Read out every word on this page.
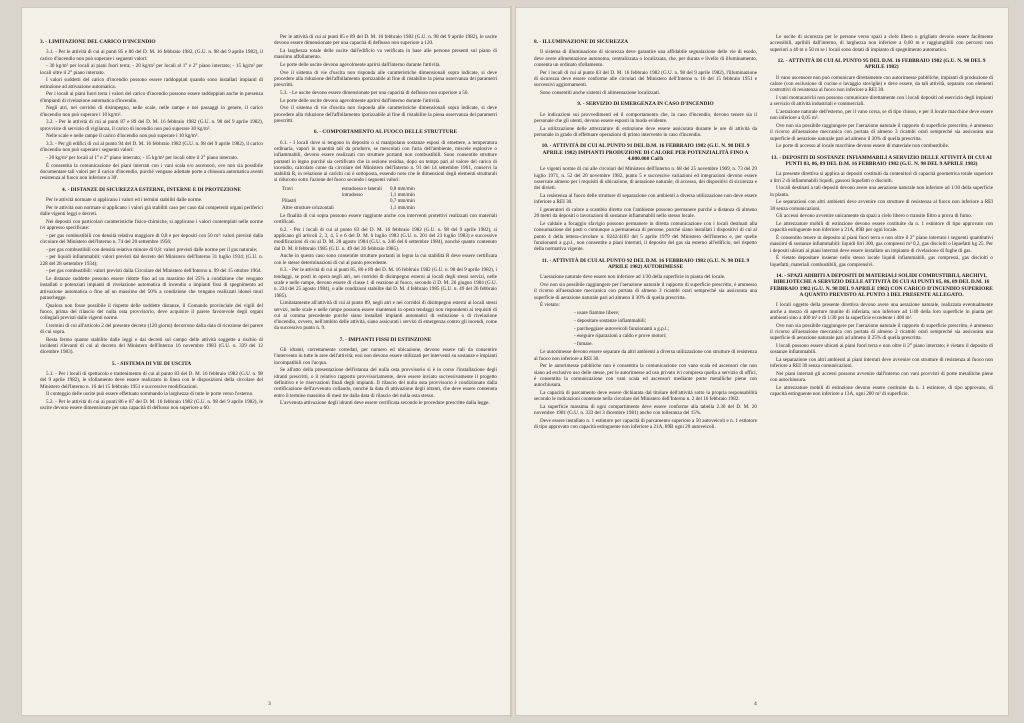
3. - LIMITAZIONE DEL CARICO D'INCENDIO

3.1. - Per le attività di cui ai punti 85 e 86 del D. M. 16 febbraio 1982, (G.U. n. 98 del 9 aprile 1982), il carico d'incendio non può superare i seguenti valori:

- 30 kg/m² per locali ai piani fuori terra; - 20 kg/m² per locali al 1° e 2° piano interrato; - 15 kg/m² per locali oltre il 2° piano interrato.

I valori suddetti del carico d'incendio possono essere raddoppiati quando sono installati impianti di estinzione ad attivazione automatica.

Per i locali ai piani fuori terra i valori del carico d'incendio possono essere raddoppiati anche in presenza d'impianti di rivelazione automatica d'incendio.

Negli atri, nei corridoi di disimpegno, nelle scale, nelle rampe e nei passaggi in genere, il carico d'incendio non può superare i 10 kg/m².

3.2. - Per le attività di cui ai punti 87 e 89 del D. M. 16 febbraio 1982 (G.U. n. 98 del 9 aprile 1982), sprovviste di servizio di vigilanza, il carico di incendio non può superare 30 kg/m².

Nelle scale e nelle rampe il carico d'incendio non può superare i 10 kg/m².

3.3. - Per gli edifici di cui al punto 94 del D. M. 16 febbraio 1982 (G.U. n. 98 del 9 aprile 1982), il carico d'incendio non può superare i seguenti valori:

- 20 kg/m² per locali al 1° e 2° piano interrato; - 15 kg/m² per locali oltre il 2° piano interrato.

È consentita la comunicazione dei piani interrati con i vani scala e/o ascensori, ove non sia possibile documentare tali valori per il carico d'incendio, purché vengano adottate porte a chiusura automatica aventi resistenza al fuoco non inferiore a 30'.

4. - DISTANZE DI SICUREZZA ESTERNE, INTERNE E DI PROTEZIONE

Per le attività normate si applicano i valori ed i termini stabiliti dalle norme.

Per le attività non normate si applicano i valori già stabiliti caso per caso dai competenti organi periferici dalle vigenti leggi e decreti.

Nei depositi con particolari caratteristiche fisico-chimiche, si applicano i valori contemplati nelle norme ivi appresso specificate:

- per gas combustibili con densità relativa maggiore di 0,8 e per depositi con 50 m³: valori previsti dalla circolare del Ministero dell'Interno n. 74 del 20 settembre 1956;

- per gas combustibili con densità relativa minore di 0,8: valori previsti dalle norme per il gas naturale;

- per liquidi infiammabili: valori previsti dal decreto del Ministero dell'Interno 31 luglio 1934; (G.U. n. 228 del 28 settembre 1934);

- per gas combustibili: valori previsti dalla Circolare del Ministero dell'Interno n. 99 del 15 ottobre 1964.

Le distanze suddette possono essere ridotte fino ad un massimo del 25% a condizione che vengano installati o potenziati impianti di rivelazione automatica di incendio o impianti fissi di spegnimento ad attivazione automatica o fino ad un massimo del 50% a condizione che vengano realizzati idonei muri paraschegge.

Qualora non fosse possibile il rispetto delle suddette distanze, il Comando provinciale dei vigili del fuoco, prima del rilascio del nulla osta provvisorio, deve acquisire il parere favorevole degli organi collegiali previsti dalle vigenti norme.

I termini di cui all'articolo 2 del presente decreto (120 giorni) decorrono dalla data di ricezione del parere di cui sopra.

Resta fermo quanto stabilito dalle leggi e dai decreti sul campo delle attività soggette a rischio di incidenti rilevanti di cui al decreto del Ministero dell'Interno 16 novembre 1983 (G.U. n. 339 del 12 dicembre 1983).

5. - SISTEMA DI VIE DI USCITA

5.1. - Per i locali di spettacolo e trattenimento di cui al punto 83 del D. M. 16 febbraio 1982 (G.U. n. 98 del 9 aprile 1982), le sfollamento deve essere realizzato in linea con le disposizioni della circolare del Ministero dell'Interno n. 16 del 15 febbraio 1951 e successive modificazioni.

Il conteggio delle uscite può essere effettuato sommando la larghezza di tutte le porte verso l'esterno.

5.2. - Per le attività di cui ai punti 86 e 87 del D. M. 16 febbraio 1982 (G.U. n. 98 del 9 aprile 1982), le uscite devono essere dimensionate per una capacità di deflusso non superiore a 60.

Per le attività di cui ai punti 85 e 89 del D. M. 16 febbraio 1982 (G.U. n. 98 del 9 aprile 1982), le uscite devono essere dimensionate per una capacità di deflusso non superiore a 120.

La larghezza totale delle uscite dall'edificio va verificata in base alle persone presenti sul piano di massimo affollamento.

Le porte delle uscite devono agevolmente aprirsi dall'interno durante l'attività.

Ove il sistema di vie d'uscita non risponda alle caratteristiche dimensionali sopra indicate, si deve procedere alla riduzione dell'affollamento ipotizzabile al fine di ristabilire la piena osservanza dei parametri prescritti.

5.3. - Le uscite devono essere dimensionate per una capacità di deflusso non superiore a 50.

Le porte delle uscite devono agevolmente aprirsi dall'interno durante l'attività.

Ove il sistema di vie d'uscita non risponda alle caratteristiche dimensionali sopra indicate, si deve procedere alla riduzione dell'affollamento ipotizzabile al fine di ristabilire la piena osservanza dei parametri prescritti.

6. - COMPORTAMENTO AL FUOCO DELLE STRUTTURE

6.1. - I locali dove si tengono in deposito o si manipolano sostanze esposi di emettere, a temperatura ordinaria, vapori in quantità tali da produrre, se mescolati con l'aria dell'ambiente, miscele esplosive o infiammabili, devono essere realizzati con strutture portanti non combustibili. Sono consentite strutture portanti in legno purché sia certificato che la sezione residua, dopo un tempo pari al valore del carico di incendio, calcolato come da circolare del Ministero dell'Interno n. 91 del 14 settembre 1961, conservi la stabilità R, in relazione ai carichi cui è sottoposta, essendo noto che le dimensioni degli elementi strutturali si riducono sotto l'azione del fuoco secondo i seguenti valori:

Travi	estradosso e laterali	0,8 mm/min
	intradosso	1,1 mm/min
Pilastri		0,7 mm/min
Altre strutture orizzontali		1,1 mm/min

Le finalità di cui sopra possono essere raggiunte anche con interventi protettivi realizzati con materiali certificati.

6.2. - Per i locali di cui al punto 83 del D. M. 16 febbraio 1982 (G.U. n. 98 del 9 aprile 1982), si applicano gli articoli 2, 3, 4, 5 e 6 del D. M. 6 luglio 1983 (G.U. n. 201 del 23 luglio 1983) e successive modificazioni di cui al D. M. 28 agosto 1984 (G.U. n. 246 del 6 settembre 1984), nonché quanto contenuto dal D. M. 8 febbraio 1985 (G.U. n. 49 del 26 febbraio 1985).

Anche in questo caso sono consentite strutture portanti in legno la cui stabilità R deve essere certificata con le stesse determinazioni di cui al punto precedente.

6.3. - Per le attività di cui ai punti 85, 86 e 89 del D. M. 16 febbraio 1982 (G.U. n. 98 del 9 aprile 1982), i tendaggi, se posti in opera negli atri, nei corridoi di disimpegno esterni ai locali degli stessi servizi, nelle scale e nelle rampe, devono essere di classe 1 di reazione al fuoco, secondo il D. M. 26 giugno 1984 (G.U. n. 234 del 25 agosto 1984), o alle condizioni stabilite dal D. M. 4 febbraio 1985 (G.U. n. 49 del 26 febbraio 1985).

Limitatamente all'attività di cui al punto 89, negli atri e nei corridoi di disimpegno esterni ai locali stessi servizi, nelle scale e nelle rampe possono essere mantenuti in opera tendaggi non rispondenti ai requisiti di cui al comma precedente purché siano installati impianti automatici di estinzione o di rivelazione d'incendio, ovvero, nell'ambito delle attività, siano assicurati i servizi di emergenza contro gli incendi, come da successivo punto n. 9.

7. - IMPIANTI FISSI DI ESTINZIONE

Gli idranti, correttamente corredati, per numero ed ubicazione, devono essere tali da consentire l'intervento in tutte le aree dell'attività; essi non devono essere utilizzati per interventi su sostanze e impianti incompatibili con l'acqua.

Se all'atto della presentazione dell'istanza del nulla osta provvisorio si è in corso l'installazione degli idranti prescritti, o il relativo rapporto provvisoriamente, deve essere inviato successivamente il progetto definitivo e le riservazioni finali degli impianti. Il rilascio del nulla osta provvisorio è condizionato dalla certificazione dell'avvenuto collaudo, nonché la data di attivazione degli idranti, che deve essere contenuta entro il termine massimo di mesi tre dalla data di rilascio del nulla osta stesso.

L'avvenuta attivazione degli idranti deve essere certificata secondo le procedure prescritte dalla legge.

3
8. - ILLUMINAZIONE DI SICUREZZA

Il sistema di illuminazione di sicurezza deve garantire una affidabile segnalazione delle vie di esodo, deve avere alimentazione autonoma, centralizzata o localizzata, che, per durata e livello di illuminamento, consenta un ordinato sfollamento.

Per i locali di cui al punto 83 del D. M. 16 febbraio 1982 (G.U. n. 98 del 9 aprile 1982), l'illuminazione di sicurezza deve essere conforme alle circolari del Ministero dell'Interno n. 16 del 15 febbraio 1951 e successivi aggiornamenti.

Sono consentiti anche sistemi di alimentazione localizzati.

9. - SERVIZIO DI EMERGENZA IN CASO D'INCENDIO

Le indicazioni sui provvedimenti ed il comportamento che, in caso d'incendio, devono tenere sia il personale che gli utenti, devono essere esposti in modo evidente.

La utilizzazione delle attrezzature di estinzione deve essere assicurata durante le ore di attività da personale in grado di effettuare operazioni di primo intervento in caso d'incendio.

10. - ATTIVITÀ DI CUI AL PUNTO 91 DEL D.M. 16 FEBBRAIO 1982 (G.U. N. 98 DEL 9 APRILE 1982) IMPIANTI PRODUZIONE DI CALORE PER POTENZIALITÀ FINO A 4.000.000 Cal/h

Le vigenti norme di cui alle circolari del Ministero dell'Interno n. 68 del 25 novembre 1969, n. 73 del 29 luglio 1971, n. 52 del 20 novembre 1982, punto 5 e successive variazioni ed integrazioni devono essere osservate almeno per i requisiti di ubicazione, di aerazione naturale, di accesso, dei dispositivi di sicurezza e dei divieti.

La resistenza al fuoco delle strutture di separazione con ambienti a diversa utilizzazione non deve essere inferiore a REI 30.

I generatori di calore a scambio diretto con l'ambiente possono permanere purché a distanza di almeno 20 metri da depositi o lavorazioni di sostanze infiammabili nello stesso locale.

Le caldaie a focaggio sfavigio possono permanere in diretta comunicazione con i locali destinati alla consumazione dei pasti o comunque a permanenza di persone, purché siano installati i dispositivi di cui al punto 4 della lettera-circolare n. 8242/4183 del 5 aprile 1979 del Ministero dell'Interno e, per quelle funzionanti a g.p.l., non consentite a piani interrati, il deposito del gas sia esterno all'edificio, nel rispetto della normativa vigente.

11. - ATTIVITÀ DI CUI AL PUNTO 92 DEL D.M. 16 FEBBRAIO 1982 (G.U. N. 98 DEL 9 APRILE 1982) AUTORIMESSE

L'aerazione naturale deve essere non inferiore ad 1/30 della superficie in pianta del locale.

Ove non sia possibile raggiungere per l'aerazione naturale il rapporto di superficie prescritto, è ammesso il ricorso all'aerazione meccanica con portata di almeno 3 ricambi orari sempreché sia assicurata una superficie di aerazione naturale pari ad almeno il 30% di quella prescritta.

È vietato:

- usare fiamme libere;
- depositare sostanze infiammabili;
- parcheggiare autoveicoli funzionanti a g.p.l.;
- eseguire riparazioni a caldo e prove motori;
- fumare.

Le autorimesse devono essere separate da altri ambienti a diversa utilizzazione con strutture di resistenza al fuoco non inferiore a REI 30.

Per le autorimesse pubbliche non è consentita la comunicazione con vano scala ed ascensori che non siano ad esclusivo uso delle stesse, per le autorimesse ad uso privato ivi compresa quella a servizio di uffici, è consentita la comunicazione con vani scala ed ascensori mediante porte metalliche piene con autochiusura.

La capacità di parcamento deve essere dichiarata dal titolare dell'attività sotto la propria responsabilità secondo le indicazioni contenute nella circolare del Ministero dell'Interno n. 2 del 16 febbraio 1982.

La superficie massima di ogni compartimento deve essere conforme alla tabella 2.30 del D. M. 20 novembre 1981 (G.U. n. 333 del 3 dicembre 1981) anche con tolleranza del 15%.

Deve essere installato n. 1 estintore per capacità di parcamento superiore a 50 autoveicoli e n. 1 estintore di tipo approvato con capacità estinguente non inferiore a 21A, 89B ogni 20 autoveicoli.

Le uscite di sicurezza per le persone verso spazi a cielo libero o grigliato devono essere facilmente accessibili, apribili dall'interno, di larghezza non inferiore a 0,60 m e raggiungibili con percorsi non superiori a 40 m o 50 m se i locali sono dotati di impianto di spegnimento automatico.

12. - ATTIVITÀ DI CUI AL PUNTO 95 DEL D.M. 16 FEBBRAIO 1982 (G.U. N. 98 DEL 9 APRILE 1982)

Il vano ascensore non può comunicare direttamente con autorimesse pubbliche, impianti di produzione di calore (con esclusione di cucine e lavaggio stoviglie) e deve essere, da tali attività, separato con elementi costruttivi di resistenza al fuoco non inferiore a REI 30.

I vani montacarichi non possono comunicare direttamente con i locali depositi od esercizio degli impianti a servizio di attività industriali e commerciali.

L'aerazione naturale dell'esterno, per il vano corsa, se di tipo chiuso, e per il locale macchine deve essere non inferiore a 0,05 m².

Ove non sia possibile raggiungere per l'aerazione naturale il rapporto di superficie prescritto, è ammesso il ricorso all'aerazione meccanica con portata di almeno 3 ricambi orari sempreché sia assicurata una superficie di aerazione naturale pari ad almeno il 30% di quella prescritta.

Le porte di accesso al locale macchine devono essere di materiale non combustibile.

13. - DEPOSITI DI SOSTANZE INFIAMMABILI A SERVIZIO DELLE ATTIVITÀ DI CUI AI PUNTI 83, 86, 89 DEL D.M. 16 FEBBRAIO 1982 (G.U. N. 98 DEL 9 APRILE 1982)

La presente direttiva si applica ai depositi costituiti da contenitori di capacità geometrica totale superiore a litri 2 di infiammabili liquidi, gassosi liquefatti o disciolti.

I locali destinati a tali depositi devono avere una aerazione naturale non inferiore ad 1/30 della superficie in pianta.

Le separazioni con altri ambienti deve avvenire con strutture di resistenza al fuoco non inferiore a REI 30 senza comunicazioni.

Gli accessi devono avvenire unicamente da spazi a cielo libero o transite filtro a prova di fumo.

Le attrezzature mobili di estinzione devono essere costituite da n. 1 estintore di tipo approvato con capacità estinguente non inferiore a 21A, 89B per ogni locale.

È consentito tenere in deposito ai piani fuori terra e non oltre il 2° piano interrato i seguenti quantitativi massimi di sostanze infiammabili: liquidi litri 300, gas compressi m³ 0,2, gas disciolti o liquefatti kg 25. Per i depositi ubicati ai piani interrati deve essere installato un impianto di rivelazione di fughe di gas.

È vietato depositare insieme nello stesso locale liquidi infiammabili, gas compressi, gas disciolti o liquefatti, materiali combustibili, gas comprensivi.

14. - SPAZI ADIBITI A DEPOSITI DI MATERIALI SOLIDI COMBUSTIBILI, ARCHIVI, BIBLIOTECHE A SERVIZIO DELLE ATTIVITÀ DI CUI AI PUNTI 85, 86, 89 DEL D.M. 16 FEBBRAIO 1982 (G.U. N. 98 DEL 9 APRILE 1982) CON CARICO D'INCENDIO SUPERIORE A QUANTO PREVISTO AL PUNTO 3 DEL PRESENTE ALLEGATO.

I locali oggetto della presente direttiva devono avere una aerazione naturale, realizzata eventualmente anche a mezzo di aperture munite di inferiata, non inferiore ad 1/40 della loro superficie in pianta per ambienti sino a 400 m² e di 1/30 per la superficie eccedente i 400 m².

Ove non sia possibile raggiungere per l'aerazione naturale il rapporto di superficie prescritto, è ammesso il ricorso all'aerazione meccanica con portata di almeno 2 ricambi orari sempreché sia assicurata una superficie di aerazione naturale pari ad almeno il 25% di quella prescritta.

I locali possono essere ubicati ai piani fuori terra e non oltre il 2° piano interrato; è vietato il deposito di sostanze infiammabili.

La separazione con altri ambienti ai piani interrati deve avvenire con strutture di resistenza al fuoco non inferiore a REI 30 senza comunicazioni.

Nei piani interrati gli accessi possono avvenire dall'interno con vani provvisti di porte metalliche piene con autochiusura.

Le attrezzature mobili di estinzione devono essere costituite da n. 1 estintore, di tipo approvato, di capacità estinguente non inferiore a 13A, ogni 200 m² di superficie.

4
